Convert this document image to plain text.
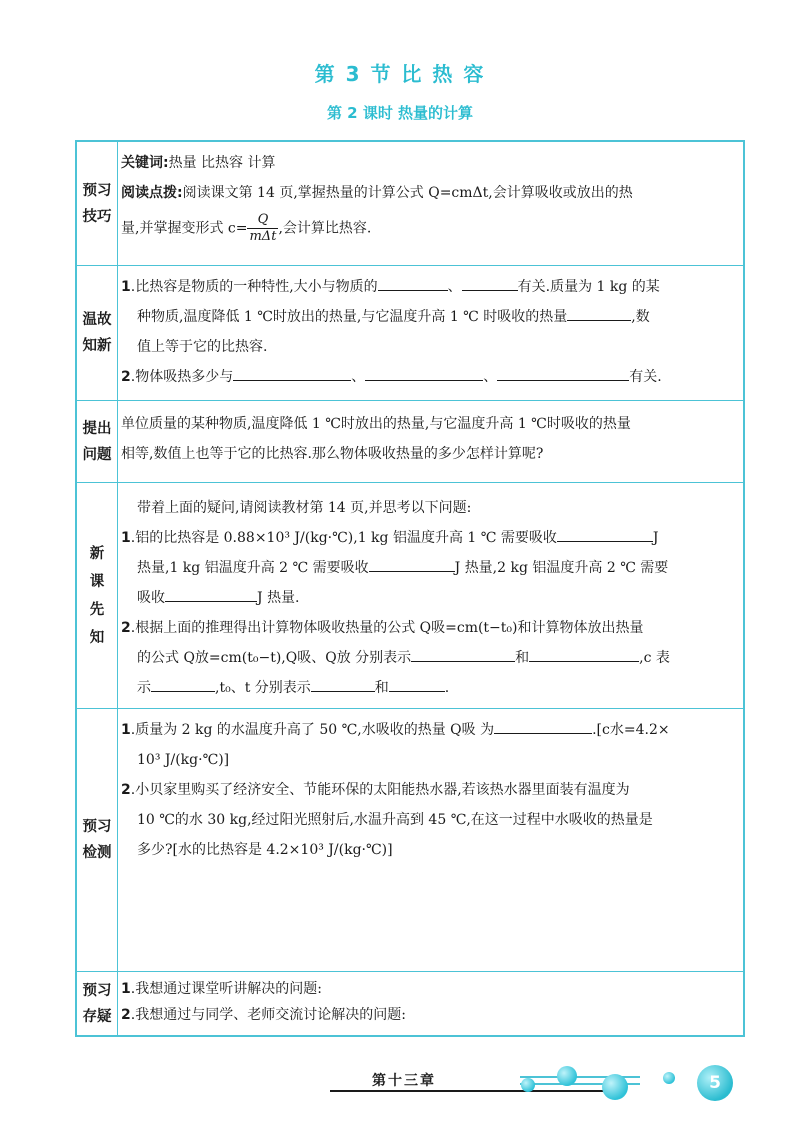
第 3 节 比 热 容
第 2 课时 热量的计算
预习
技巧

关键词:热量 比热容 计算

阅读点拨:阅读课文第 14 页,掌握热量的计算公式 Q=cmΔt,会计算吸收或放出的热

量,并掌握变形式 $c= \frac{Q}{\text{mΔt}}$ ,会计算比热容.

温故
知新

1.比热容是物质的一种特性,大小与物质的	、	有关.质量为 1 kg 的某

种物质,温度降低 1 ℃时放出的热量,与它温度升高 1 ℃ 时吸收的热量	,数

值上等于它的比热容.

2.物体吸热多少与	、	、	有关.

提出
问题

单位质量的某种物质,温度降低 1 ℃时放出的热量,与它温度升高 1 ℃时吸收的热量

相等,数值上也等于它的比热容.那么物体吸收热量的多少怎样计算呢?

新
课
先
知

带着上面的疑问,请阅读教材第 14 页,并思考以下问题:

1.铝的比热容是 0.88×10³ J/(kg·℃),1 kg 铝温度升高 1 ℃ 需要吸收	J

热量,1 kg 铝温度升高 2 ℃ 需要吸收	J 热量,2 kg 铝温度升高 2 ℃ 需要

吸收	J 热量.

2.根据上面的推理得出计算物体吸收热量的公式 Q吸=cm(t−t₀)和计算物体放出热量

的公式 Q放=cm(t₀−t),Q吸、Q放 分别表示	和	,c 表

示	,t₀、t 分别表示	和	.

预习
检测

1.质量为 2 kg 的水温度升高了 50 ℃,水吸收的热量 Q吸 为	.[c水=4.2×

10³ J/(kg·℃)]

2.小贝家里购买了经济安全、节能环保的太阳能热水器,若该热水器里面装有温度为

10 ℃的水 30 kg,经过阳光照射后,水温升高到 45 ℃,在这一过程中水吸收的热量是

多少?[水的比热容是 4.2×10³ J/(kg·℃)]

预习
存疑

1.我想通过课堂听讲解决的问题:

2.我想通过与同学、老师交流讨论解决的问题:

第十三章	5
